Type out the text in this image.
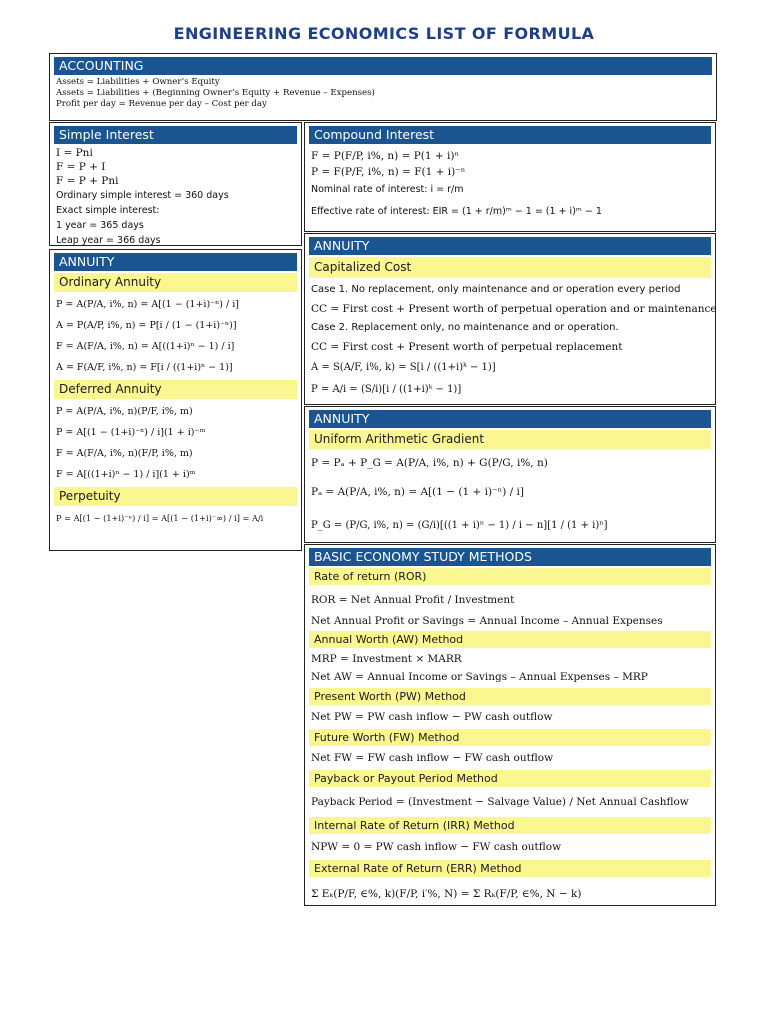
ENGINEERING ECONOMICS LIST OF FORMULA
ACCOUNTING
Assets = Liabilities + Owner’s Equity
Assets = Liabilities + (Beginning Owner’s Equity + Revenue – Expenses)
Profit per day = Revenue per day – Cost per day
Simple Interest
I = Pni
F = P + I
F = P + Pni
Ordinary simple interest = 360 days
Exact simple interest:
1 year = 365 days
Leap year = 366 days
ANNUITY
Ordinary Annuity
P = A(P/A, i%, n) = A[(1 − (1+i)⁻ⁿ) / i]
A = P(A/P, i%, n) = P[i / (1 − (1+i)⁻ⁿ)]
F = A(F/A, i%, n) = A[((1+i)ⁿ − 1) / i]
A = F(A/F, i%, n) = F[i / ((1+i)ⁿ − 1)]
Deferred Annuity
P = A(P/A, i%, n)(P/F, i%, m)
P = A[(1 − (1+i)⁻ⁿ) / i](1 + i)⁻ᵐ
F = A(F/A, i%, n)(F/P, i%, m)
F = A[((1+i)ⁿ − 1) / i](1 + i)ᵐ
Perpetuity
P = A[(1 − (1+i)⁻ⁿ) / i] = A[(1 − (1+i)⁻∞) / i] = A/i
Compound Interest
F = P(F/P, i%, n) = P(1 + i)ⁿ
P = F(P/F, i%, n) = F(1 + i)⁻ⁿ
Nominal rate of interest: i = r/m
Effective rate of interest: EIR = (1 + r/m)ᵐ − 1 = (1 + i)ᵐ − 1
ANNUITY
Capitalized Cost
Case 1. No replacement, only maintenance and or operation every period
CC = First cost + Present worth of perpetual operation and or maintenance
Case 2. Replacement only, no maintenance and or operation.
CC = First cost + Present worth of perpetual replacement
A = S(A/F, i%, k) = S[i / ((1+i)ᵏ − 1)]
P = A/i = (S/i)[i / ((1+i)ᵏ − 1)]
ANNUITY
Uniform Arithmetic Gradient
P = Pₐ + P_G = A(P/A, i%, n) + G(P/G, i%, n)
Pₐ = A(P/A, i%, n) = A[(1 − (1 + i)⁻ⁿ) / i]
P_G = (P/G, i%, n) = (G/i)[((1 + i)ⁿ − 1) / i − n][1 / (1 + i)ⁿ]
BASIC ECONOMY STUDY METHODS
Rate of return (ROR)
ROR = Net Annual Profit / Investment
Net Annual Profit or Savings = Annual Income – Annual Expenses
Annual Worth (AW) Method
MRP = Investment × MARR
Net AW = Annual Income or Savings – Annual Expenses – MRP
Present Worth (PW) Method
Net PW = PW cash inflow − PW cash outflow
Future Worth (FW) Method
Net FW = FW cash inflow − FW cash outflow
Payback or Payout Period Method
Payback Period = (Investment − Salvage Value) / Net Annual Cashflow
Internal Rate of Return (IRR) Method
NPW = 0 = PW cash inflow − FW cash outflow
External Rate of Return (ERR) Method
Σ Eₖ(P/F, ∈%, k)(F/P, i′%, N) = Σ Rₖ(F/P, ∈%, N − k)
